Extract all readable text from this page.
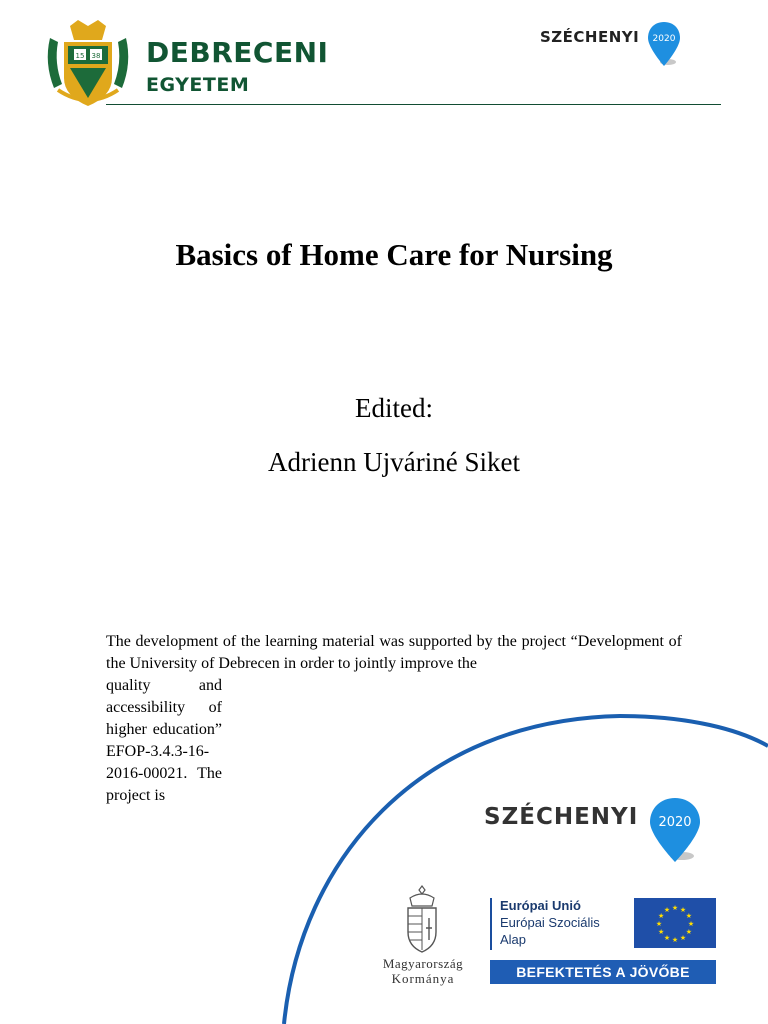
15 38 DEBRECENI
EGYETEM
SZÉCHENYI 2020
Basics of Home Care for Nursing
Edited:
Adrienn Ujváriné Siket
The development of the learning material was supported by the project “Development of the University of Debrecen in order to jointly improve the
quality and accessibility of higher education” EFOP-3.4.3-16-2016-00021. The project is
SZÉCHENYI 2020
Magyarország
Kormánya
Európai Unió
Európai Szociális
Alap
★
★
★
★
★
★
★
★
★ ★ ★
★
BEFEKTETÉS A JÖVŐBE
